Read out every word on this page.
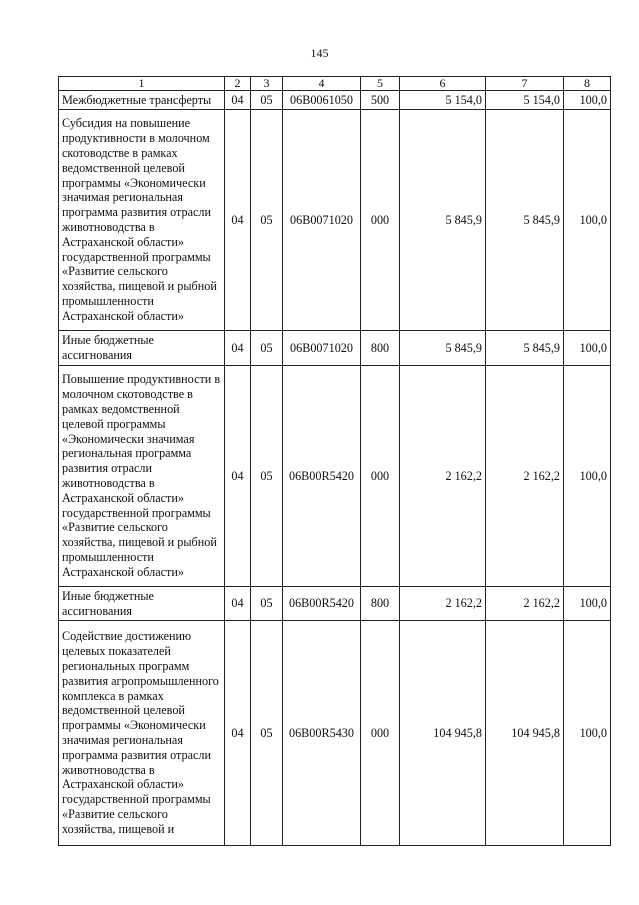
145
1	2	3	4	5	6	7	8
Межбюджетные трансферты	04	05	06В0061050	500	5 154,0	5 154,0	100,0
Субсидия на повышение продуктивности в молочном скотоводстве в рамках ведомственной целевой программы «Экономически значимая региональная программа развития отрасли животноводства в Астраханской области» государственной программы «Развитие сельского хозяйства, пищевой и рыбной промышленности Астраханской области»	04	05	06В0071020	000	5 845,9	5 845,9	100,0
Иные бюджетные ассигнования	04	05	06В0071020	800	5 845,9	5 845,9	100,0
Повышение продуктивности в молочном скотоводстве в рамках ведомственной целевой программы «Экономически значимая региональная программа развития отрасли животноводства в Астраханской области» государственной программы «Развитие сельского хозяйства, пищевой и рыбной промышленности Астраханской области»	04	05	06В00R5420	000	2 162,2	2 162,2	100,0
Иные бюджетные ассигнования	04	05	06В00R5420	800	2 162,2	2 162,2	100,0
Содействие достижению целевых показателей региональных программ развития агропромышленного комплекса в рамках ведомственной целевой программы «Экономически значимая региональная программа развития отрасли животноводства в Астраханской области» государственной программы «Развитие сельского хозяйства, пищевой и	04	05	06В00R5430	000	104 945,8	104 945,8	100,0
